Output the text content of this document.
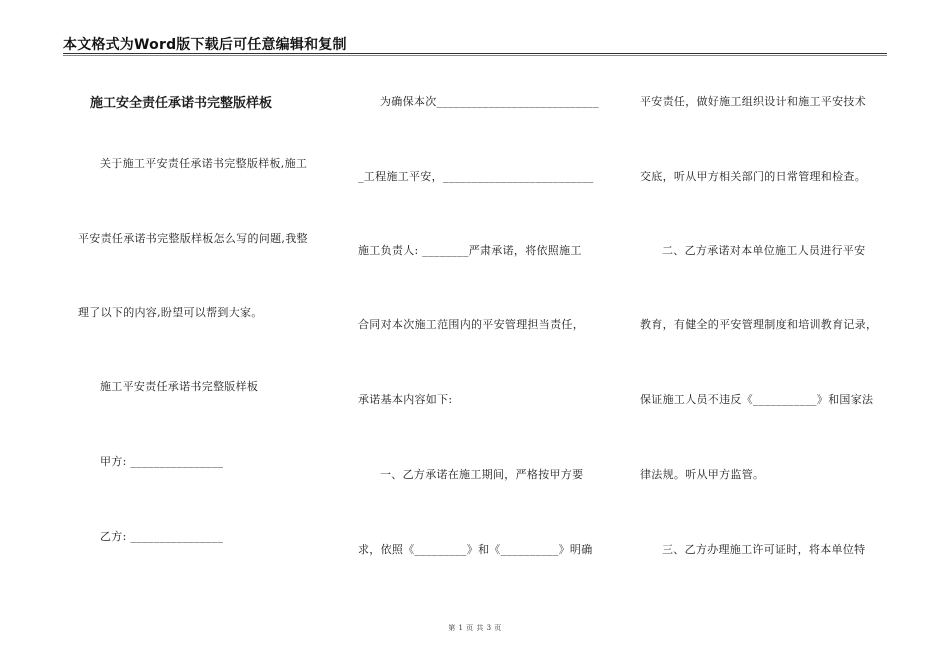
本文格式为Word版下载后可任意编辑和复制
施工安全责任承诺书完整版样板
关于施工平安责任承诺书完整版样板,施工
平安责任承诺书完整版样板怎么写的问题,我整
理了以下的内容,盼望可以帮到大家。
施工平安责任承诺书完整版样板
甲方: ________________
乙方: ________________
为确保本次____________________________
_工程施工平安，__________________________
施工负责人: ________严肃承诺，将依照施工
合同对本次施工范围内的平安管理担当责任，
承诺基本内容如下:
一、乙方承诺在施工期间，严格按甲方要
求，依照《_________》和《__________》明确
平安责任，做好施工组织设计和施工平安技术
交底，听从甲方相关部门的日常管理和检查。
二、乙方承诺对本单位施工人员进行平安
教育，有健全的平安管理制度和培训教育记录，
保证施工人员不违反《___________》和国家法
律法规。听从甲方监管。
三、乙方办理施工许可证时，将本单位特
第 1 页 共 3 页
